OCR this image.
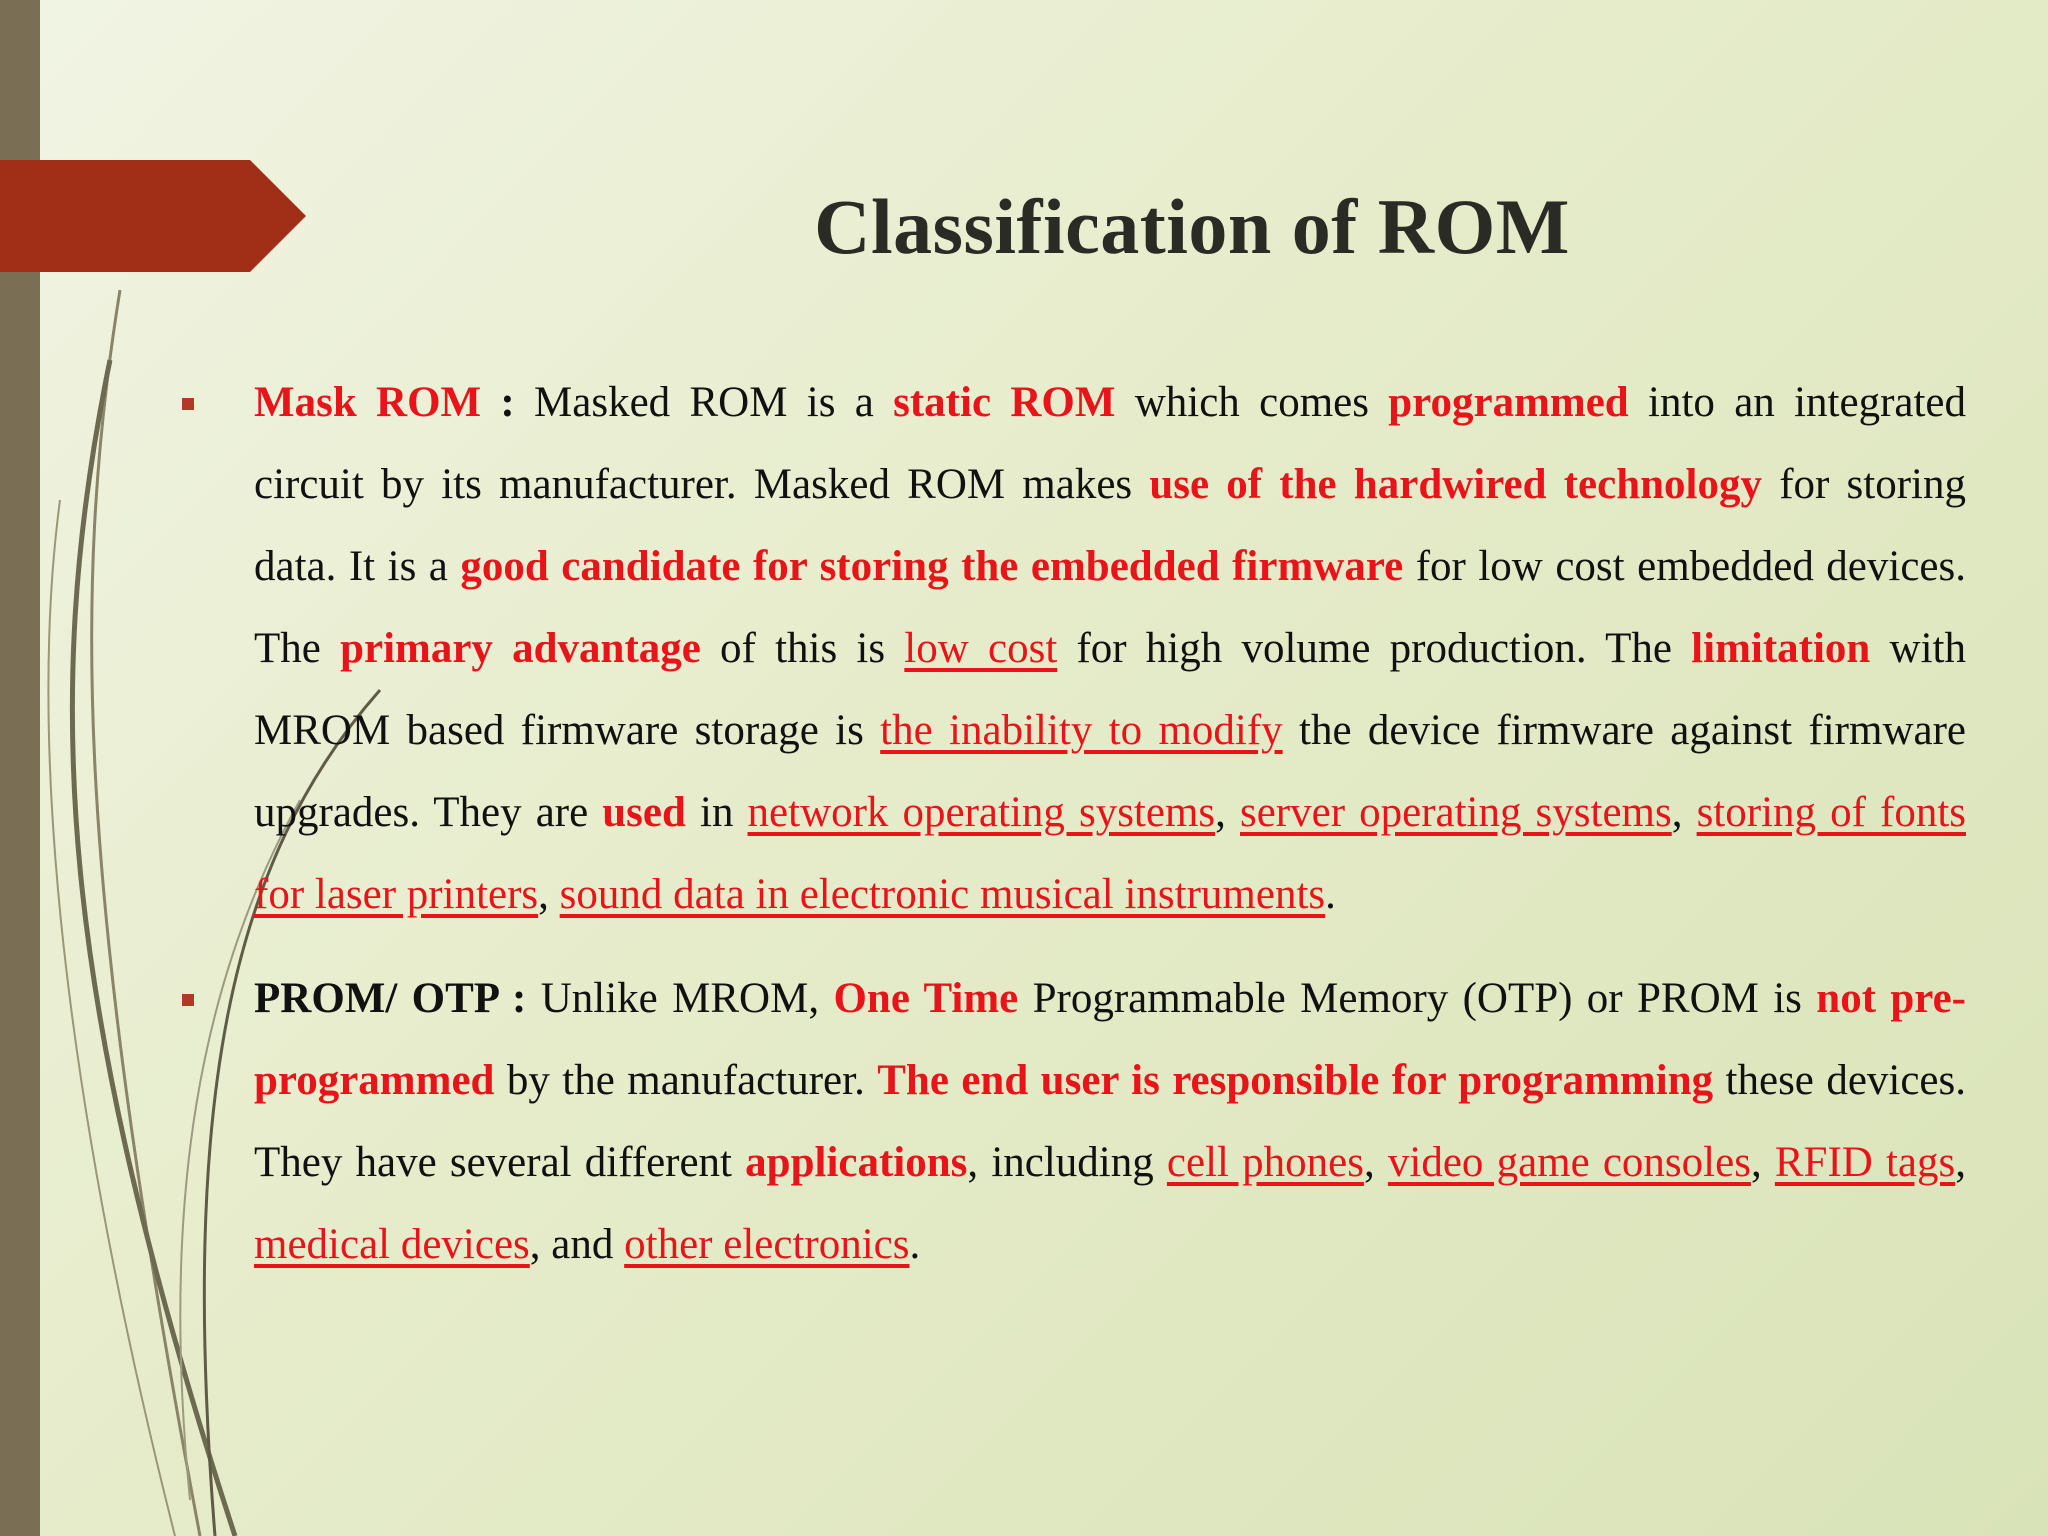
Classification of ROM
Mask ROM : Masked ROM is a static ROM which comes programmed into an integrated circuit by its manufacturer. Masked ROM makes use of the hardwired technology for storing data. It is a good candidate for storing the embedded firmware for low cost embedded devices. The primary advantage of this is low cost for high volume production. The limitation with MROM based firmware storage is the inability to modify the device firmware against firmware upgrades. They are used in network operating systems, server operating systems, storing of fonts for laser printers, sound data in electronic musical instruments.
PROM/ OTP : Unlike MROM, One Time Programmable Memory (OTP) or PROM is not pre-programmed by the manufacturer. The end user is responsible for programming these devices. They have several different applications, including cell phones, video game consoles, RFID tags, medical devices, and other electronics.
